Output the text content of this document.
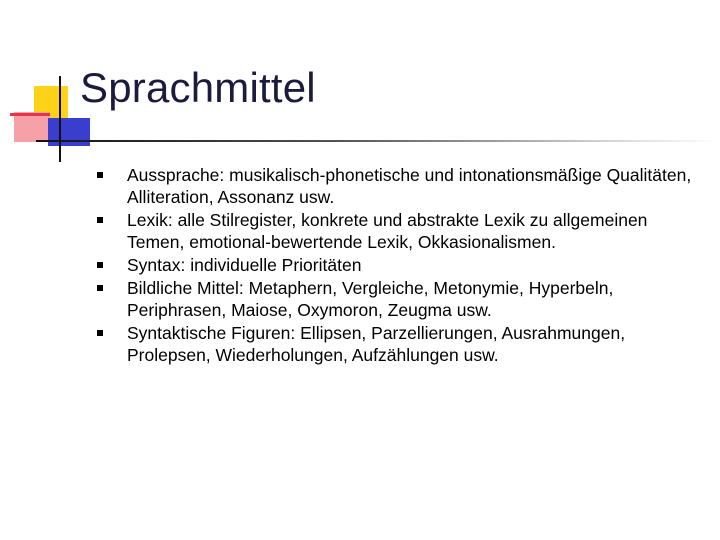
Sprachmittel
Aussprache: musikalisch-phonetische und intonationsmäßige Qualitäten, Alliteration, Assonanz usw.
Lexik: alle Stilregister, konkrete und abstrakte Lexik zu allgemeinen Temen, emotional-bewertende Lexik, Okkasionalismen.
Syntax: individuelle Prioritäten
Bildliche Mittel: Metaphern, Vergleiche, Metonymie, Hyperbeln, Periphrasen, Maiose, Oxymoron, Zeugma usw.
Syntaktische Figuren: Ellipsen, Parzellierungen, Ausrahmungen, Prolepsen, Wiederholungen, Aufzählungen usw.
